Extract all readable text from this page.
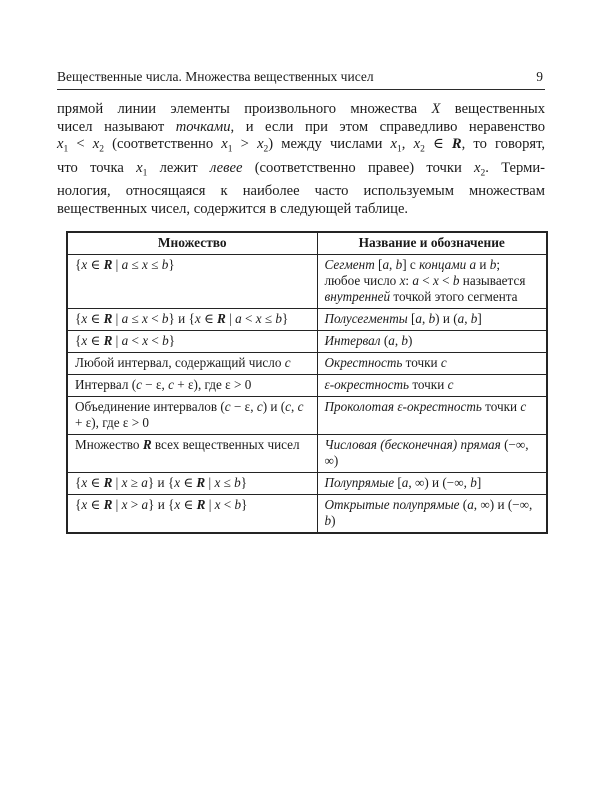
Вещественные числа. Множества вещественных чисел	9
прямой линии элементы произвольного множества X вещественных
чисел называют точками, и если при этом справедливо неравенство
$x_1 < x_2$ (соответственно $x_1 > x_2$) между числами $x_1$, $x_2$ ∈ R, то говорят,
что точка $x_1$ лежит левее (соответственно правее) точки $x_2$. Терми-
нология, относящаяся к наиболее часто используемым множествам
вещественных чисел, содержится в следующей таблице.
Множество	Название и обозначение
{x ∈ R | a ≤ x ≤ b}	Сегмент [a, b] с концами a и b; любое число x: a < x < b называется внутренней точкой этого сегмента
{x ∈ R | a ≤ x < b} и {x ∈ R | a < x ≤ b}	Полусегменты [a, b) и (a, b]
{x ∈ R | a < x < b}	Интервал (a, b)
Любой интервал, содержащий число c	Окрестность точки c
Интервал (c − ε, c + ε), где ε > 0	ε-окрестность точки c
Объединение интервалов (c − ε, c) и (c, c + ε), где ε > 0	Проколотая ε-окрестность точки c
Множество R всех вещественных чисел	Числовая (бесконечная) прямая (−∞, ∞)
{x ∈ R | x ≥ a} и {x ∈ R | x ≤ b}	Полупрямые [a, ∞) и (−∞, b]
{x ∈ R | x > a} и {x ∈ R | x < b}	Открытые полупрямые (a, ∞) и (−∞, b)
